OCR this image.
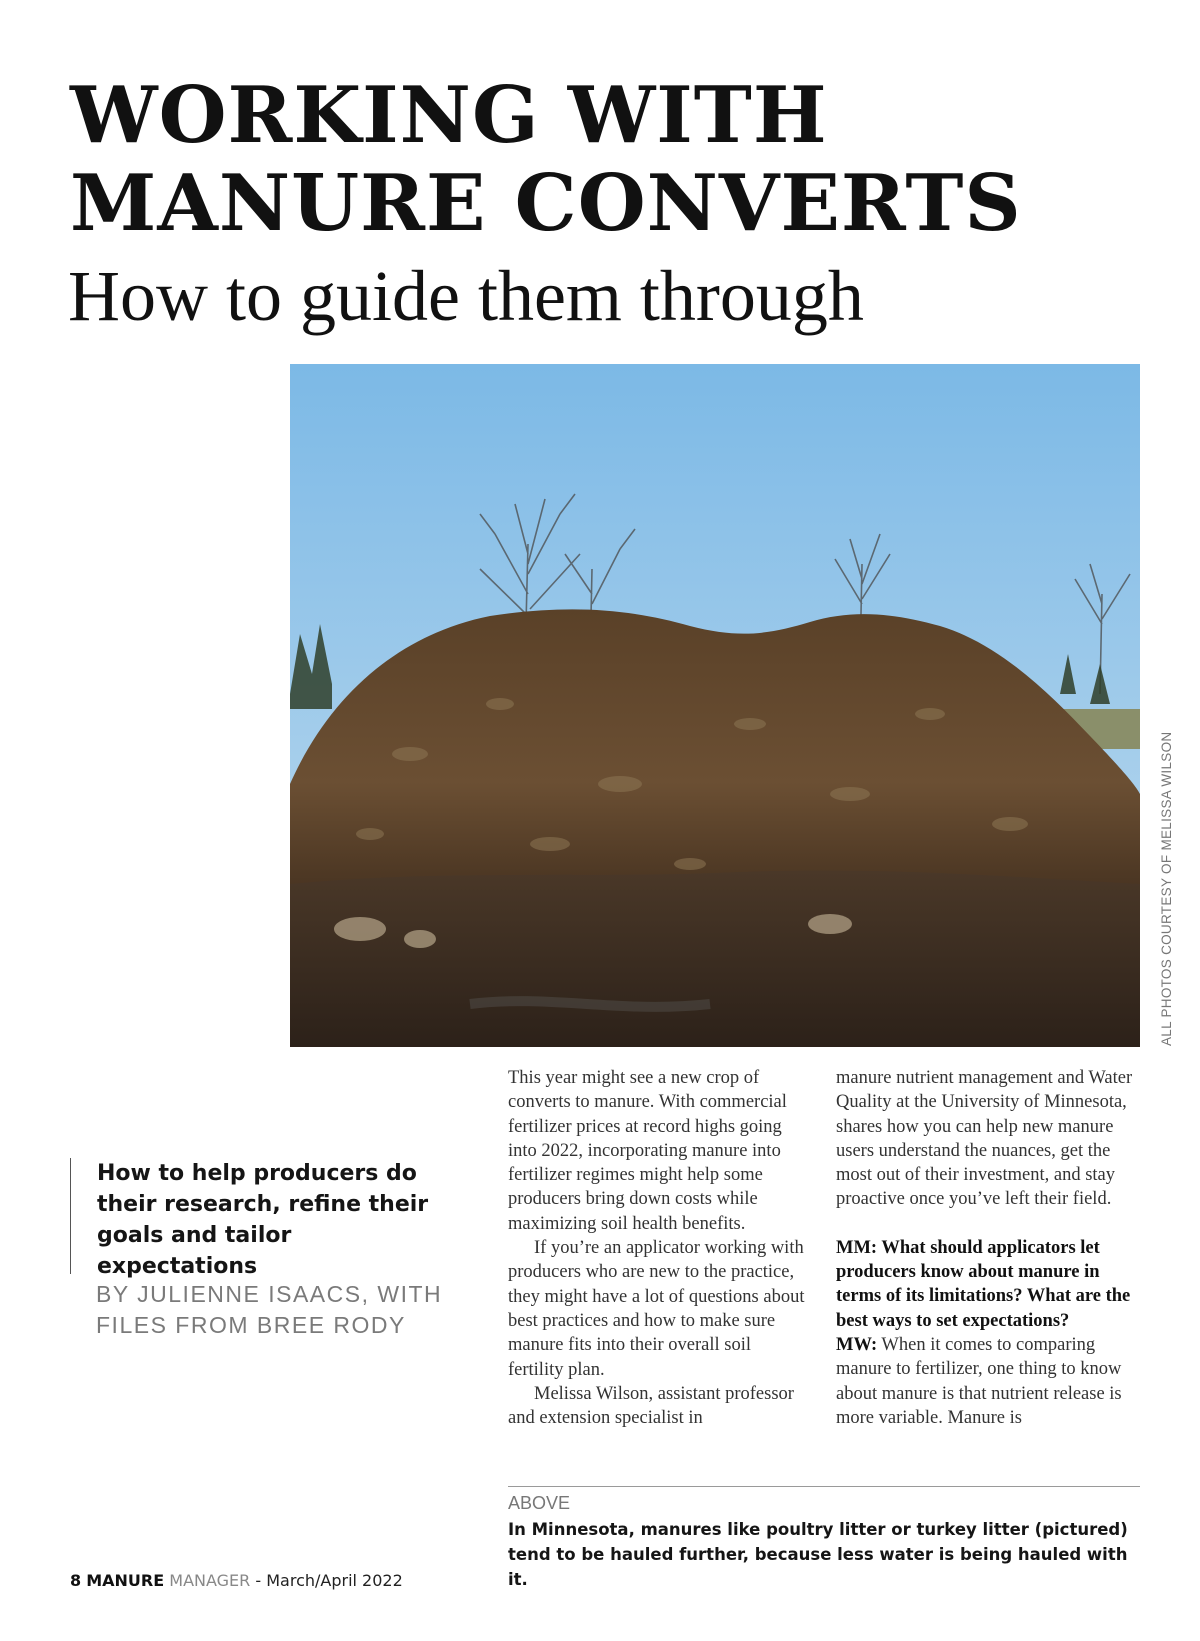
WORKING WITH
MANURE CONVERTS
How to guide them through
ALL PHOTOS COURTESY OF MELISSA WILSON
How to help producers do their research, refine their goals and tailor expectations
BY JULIENNE ISAACS, WITH FILES FROM BREE RODY

This year might see a new crop of converts to manure. With commercial fertilizer prices at record highs going into 2022, incorporating manure into fertilizer regimes might help some producers bring down costs while maximizing soil health benefits.

If you’re an applicator working with producers who are new to the practice, they might have a lot of questions about best practices and how to make sure manure fits into their overall soil fertility plan.

Melissa Wilson, assistant professor and extension specialist in

manure nutrient management and Water Quality at the University of Minnesota, shares how you can help new manure users understand the nuances, get the most out of their investment, and stay proactive once you’ve left their field.

MM: What should applicators let producers know about manure in terms of its limitations? What are the best ways to set expectations?

MW: When it comes to comparing manure to fertilizer, one thing to know about manure is that nutrient release is more variable. Manure is

ABOVE
In Minnesota, manures like poultry litter or turkey litter (pictured) tend to be hauled further, because less water is being hauled with it.
8 MANURE MANAGER - March/April 2022
